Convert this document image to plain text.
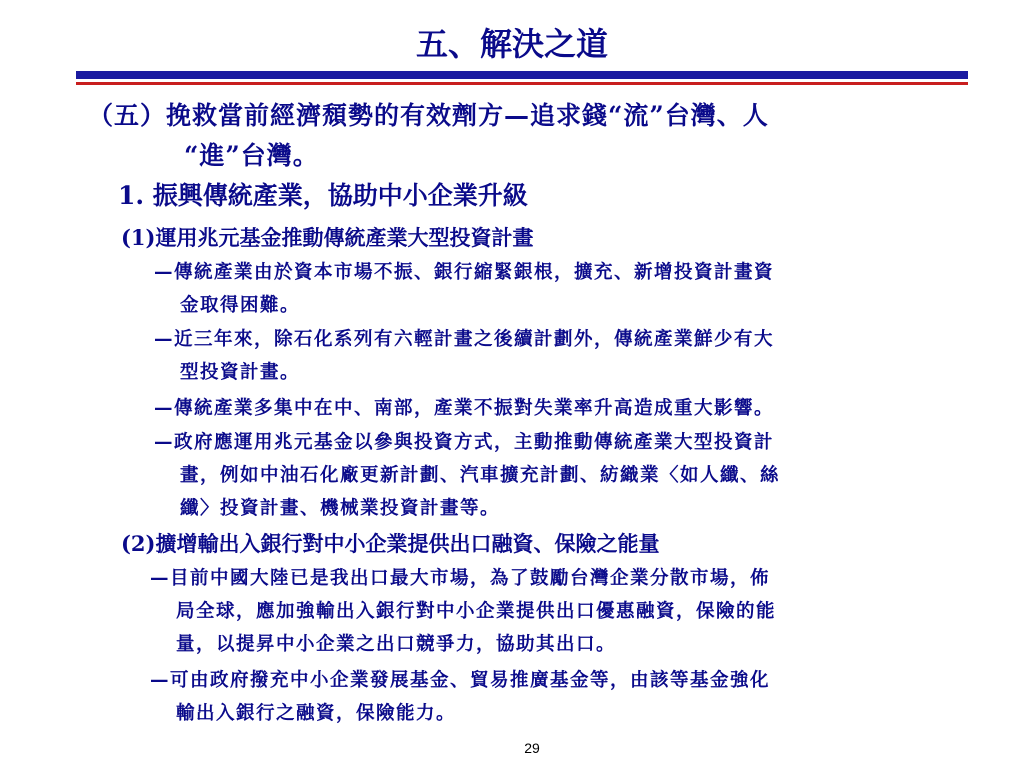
五、解決之道
（五）挽救當前經濟頹勢的有效劑方—追求錢“流”台灣、人
“進”台灣。
1. 振興傳統產業，協助中小企業升級
(1)運用兆元基金推動傳統產業大型投資計畫
—傳統產業由於資本市場不振、銀行縮緊銀根，擴充、新增投資計畫資
金取得困難。
—近三年來，除石化系列有六輕計畫之後續計劃外，傳統產業鮮少有大
型投資計畫。
—傳統產業多集中在中、南部，產業不振對失業率升高造成重大影響。
—政府應運用兆元基金以參與投資方式，主動推動傳統產業大型投資計
畫，例如中油石化廠更新計劃、汽車擴充計劃、紡織業〈如人纖、絲
纖〉投資計畫、機械業投資計畫等。
(2)擴增輸出入銀行對中小企業提供出口融資、保險之能量
—目前中國大陸已是我出口最大市場，為了鼓勵台灣企業分散市場，佈
局全球，應加強輸出入銀行對中小企業提供出口優惠融資，保險的能
量，以提昇中小企業之出口競爭力，協助其出口。
—可由政府撥充中小企業發展基金、貿易推廣基金等，由該等基金強化
輸出入銀行之融資，保險能力。
29
